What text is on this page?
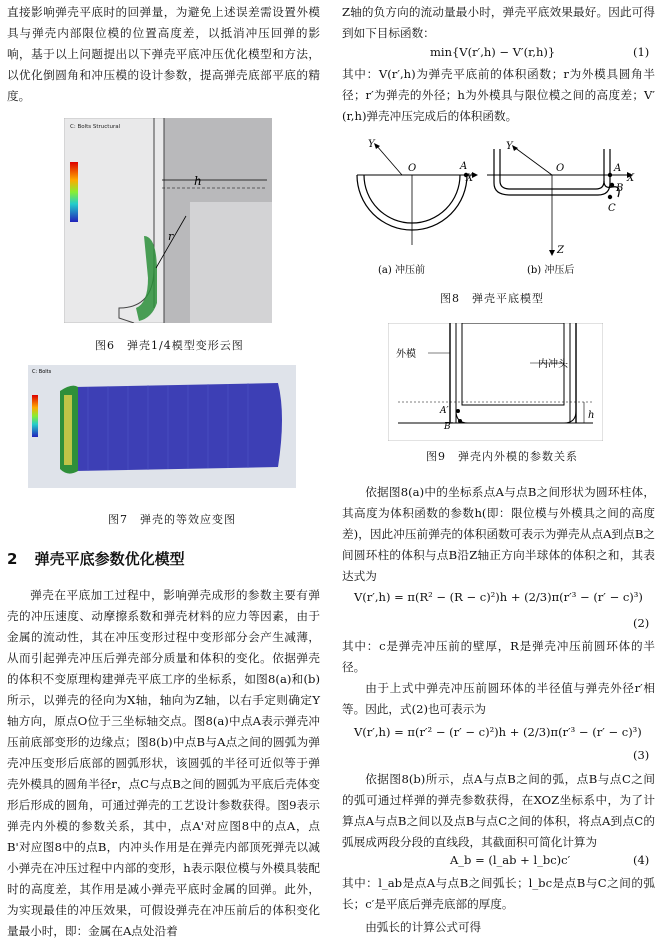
直接影响弹壳平底时的回弹量，为避免上述误差需设置外模具与弹壳内部限位模的位置高度差，以抵消冲压回弹的影响，基于以上问题提出以下弹壳平底冲压优化模型和方法，以优化倒圆角和冲压模的设计参数，提高弹壳底部平底的精度。

C: Bolts Structural
h
r
图6　弹壳1/4模型变形云图
C: Bolts
图7　弹壳的等效应变图
2 弹壳平底参数优化模型

弹壳在平底加工过程中，影响弹壳成形的参数主要有弹壳的冲压速度、动摩擦系数和弹壳材料的应力等因素，由于金属的流动性，其在冲压变形过程中变形部分会产生减薄，从而引起弹壳冲压后弹壳部分质量和体积的变化。依据弹壳的体积不变原理构建弹壳平底工序的坐标系，如图8(a)和(b)所示，以弹壳的径向为X轴，轴向为Z轴，以右手定则确定Y轴方向，原点O位于三坐标轴交点。图8(a)中点A表示弹壳冲压前底部变形的边缘点；图8(b)中点B与A点之间的圆弧为弹壳冲压变形后底部的圆弧形状，该圆弧的半径可近似等于弹壳外模具的圆角半径r，点C与点B之间的圆弧为平底后壳体变形后形成的圆角，可通过弹壳的工艺设计参数获得。图9表示弹壳内外模的参数关系，其中，点A'对应图8中的点A，点B'对应图8中的点B，内冲头作用是在弹壳内部顶死弹壳以减小弹壳在冲压过程中内部的变形，h表示限位模与外模具装配时的高度差，其作用是减小弹壳平底时金属的回弹。此外，为实现最佳的冲压效果，可假设弹壳在冲压前后的体积变化量最小时，即：金属在A点处沿着

Z轴的负方向的流动量最小时，弹壳平底效果最好。因此可得到如下目标函数：

min{V(r′,h) − V′(r,h)}	(1)

其中：V(r′,h)为弹壳平底前的体积函数；r为外模具圆角半径；r′为弹壳的外径；h为外模具与限位模之间的高度差；V′(r,h)弹壳冲压完成后的体积函数。

Y
O	A
X
(a) 冲压前
Y
O	A
X
B
C
Z
(b) 冲压后
图8　弹壳平底模型
外模
内冲头
A′
B′
h
图9　弹壳内外模的参数关系

依据图8(a)中的坐标系点A与点B之间形状为圆环柱体，其高度为体积函数的参数h(即：限位模与外模具之间的高度差)，因此冲压前弹壳的体积函数可表示为弹壳从点A到点B之间圆环柱的体积与点B沿Z轴正方向半球体的体积之和，其表达式为

V(r′,h) = π(R² − (R − c)²)h + (2/3)π(r′³ − (r′ − c)³)
(2)

其中：c是弹壳冲压前的壁厚，R是弹壳冲压前圆环体的半径。

由于上式中弹壳冲压前圆环体的半径值与弹壳外径r′相等。因此，式(2)也可表示为

V(r′,h) = π(r′² − (r′ − c)²)h + (2/3)π(r′³ − (r′ − c)³)
(3)

依据图8(b)所示，点A与点B之间的弧，点B与点C之间的弧可通过样弹的弹壳参数获得，在XOZ坐标系中，为了计算点A与点B之间以及点B与点C之间的体积，将点A到点C的弧展成两段分段的直线段，其截面积可简化计算为

A_b = (l_ab + l_bc)c′	(4)

其中：l_ab是点A与点B之间弧长；l_bc是点B与C之间的弧长；c′是平底后弹壳底部的厚度。

由弧长的计算公式可得
